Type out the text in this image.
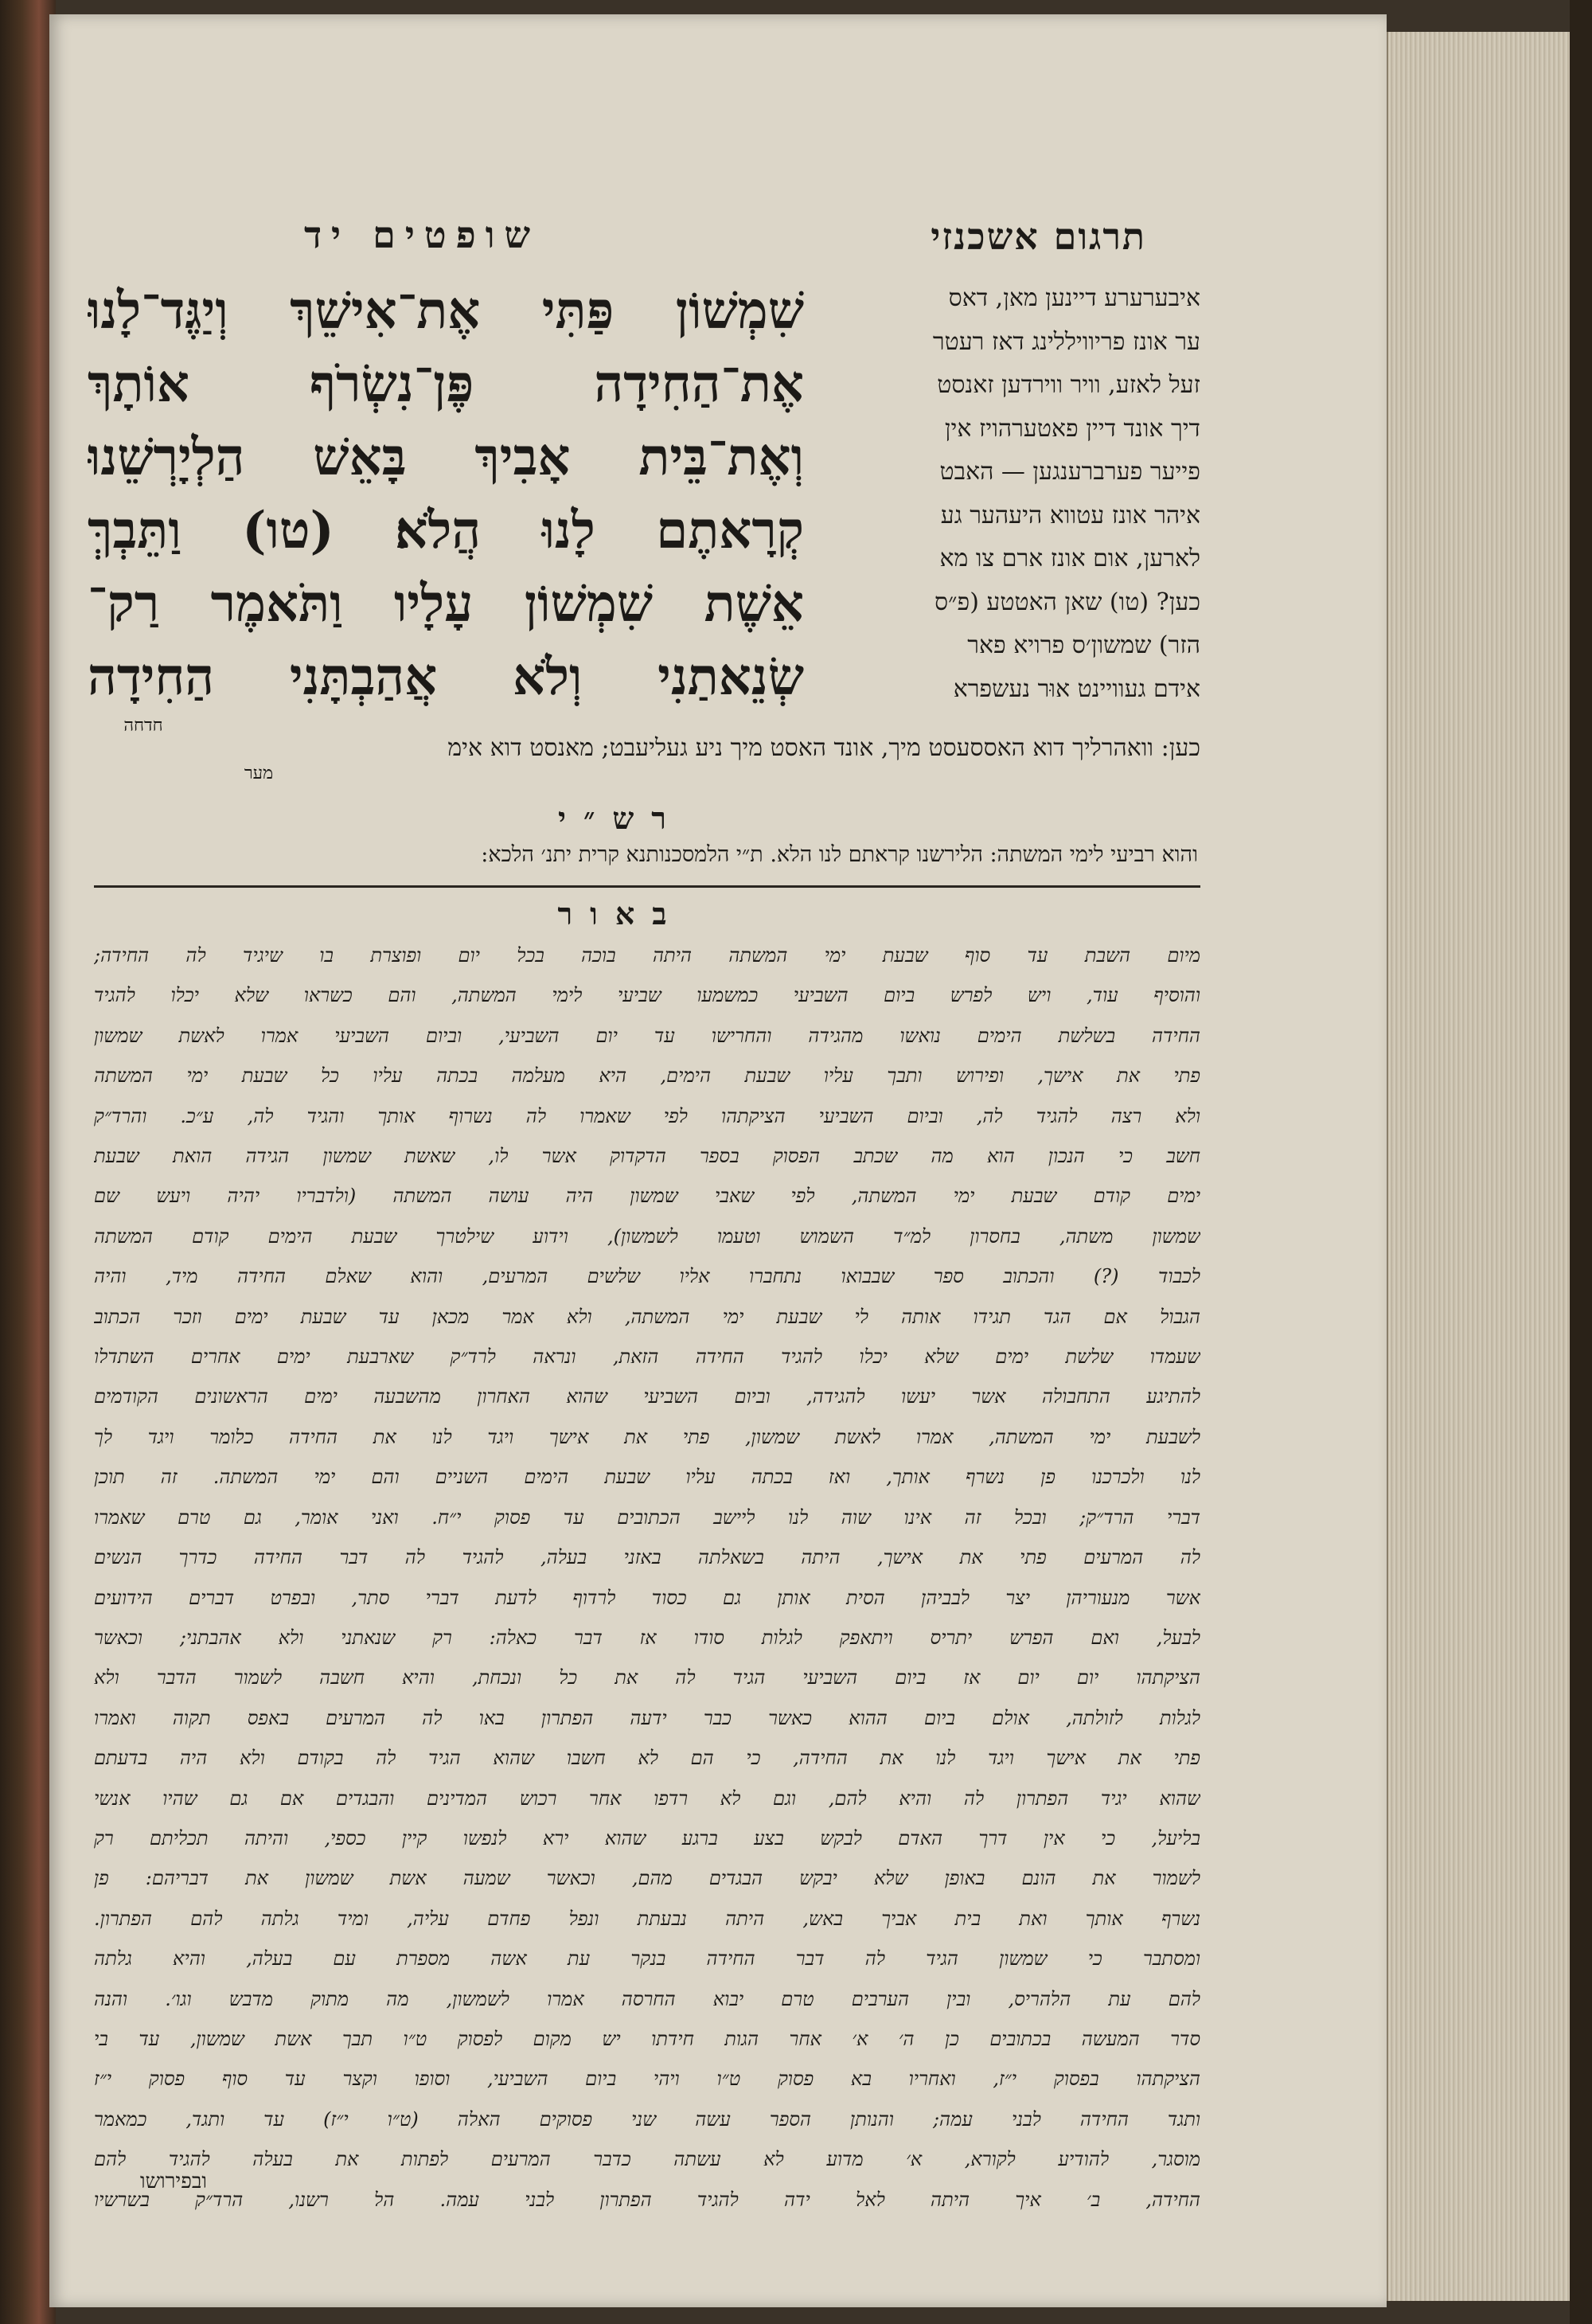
תרגום אשכנזי
שופטים יד
איבערערע דיינען מאן, דאס
ער אונז פריוויללינג דאז רעטר
זעל לאזע, וויר ווירדען זאנסט
דיך אונד דיין פאטערהויז אין
פייער פערברענגען — האבט
איהר אונז עטווא היעהער גע
לארען, אום אונז ארם צו מא
כען? (טו) שאן האטטע (פ״ס
הזר) שמשון׳ס פרויא פאר
אידם געוויינט אוּר נעשפרא
שִׁמְשׁוֹן פַּתִּי אֶת־אִישֵׁךְ וְיַגֶּד־לָנוּ
אֶת־הַחִידָה פֶּן־נִשְׂרֹף אוֹתָךְ
וְאֶת־בֵּית אָבִיךְ בָּאֵשׁ הַלְיָרְשֵׁנוּ
קְרָאתֶם לָנוּ הֲלֹא׃ (טו) וַתֵּבְךְּ
אֵשֶׁת שִׁמְשׁוֹן עָלָיו וַתֹּאמֶר רַק־
שְׂנֵאתַנִי וְלֹא אֲהַבְתָּנִי הַחִידָה
חדחה
כען: וואהרליך דוא האססעסט מיך, אונד האסט מיך ניע געליעבט; מאנסט דוא אימ
מער
רש״י
והוא רביעי לימי המשתה: הלירשנו קראתם לנו הלא. ת״י הלמסכנותנא קרית יתנ׳ הלכא:
באור
מיום השבת עד סוף שבעת ימי המשתה היתה בוכה בכל יום ופוצרת בו שיגיד לה החידה;
והוסיף עוד, ויש לפרש ביום השביעי כמשמעו שביעי לימי המשתה, והם כשראו שלא יכלו להגיד
החידה בשלשת הימים נואשו מהגידה והחרישו עד יום השביעי, וביום השביעי אמרו לאשת שמשון
פתי את אישך, ופירוש ותבך עליו שבעת הימים, היא מעלמה בכתה עליו כל שבעת ימי המשתה
ולא רצה להגיד לה, וביום השביעי הציקתהו לפי שאמרו לה נשרוף אותך והגיד לה, ע״כ. והרד״ק
חשב כי הנכון הוא מה שכתב הפסוק בספר הדקדוק אשר לו, שאשת שמשון הגידה הואת שבעת
ימים קודם שבעת ימי המשתה, לפי שאבי שמשון היה עושה המשתה (ולדבריו יהיה ויעש שם
שמשון משתה, בחסרון למ״ד השמוש וטעמו לשמשון), וידוע שילטרך שבעת הימים קודם המשתה
לכבוד (?) והכתוב ספר שבבואו נתחברו אליו שלשים המרעים, והוא שאלם החידה מיד, והיה
הגבול אם הגד תגידו אותה לי שבעת ימי המשתה, ולא אמר מכאן עד שבעת ימים וזכר הכתוב
שעמדו שלשת ימים שלא יכלו להגיד החידה הזאת, ונראה לרד״ק שארבעת ימים אחרים השתדלו
להתיגע התחבולה אשר יעשו להגידה, וביום השביעי שהוא האחרון מהשבעה ימים הראשונים הקודמים
לשבעת ימי המשתה, אמרו לאשת שמשון, פתי את אישך ויגד לנו את החידה כלומר ויגד לך
לנו ולכרכנו פן נשרף אותך, ואז בכתה עליו שבעת הימים השניים והם ימי המשתה. זה תוכן
דברי הרד״ק; ובכל זה אינו שוה לנו ליישב הכתובים עד פסוק י״ח. ואני אומר, גם טרם שאמרו
לה המרעים פתי את אישך, היתה בשאלתה באזני בעלה, להגיד לה דבר החידה כדרך הנשים
אשר מנעוריהן יצר לבביהן הסית אותן גם כסוד לרדוף לדעת דברי סתר, ובפרט דברים הידועים
לבעל, ואם הפרש יתריס ויתאפק לגלות סודו אז דבר כאלה: רק שנאתני ולא אהבתני; וכאשר
הציקתהו יום יום אז ביום השביעי הגיד לה את כל ונכחת, והיא חשבה לשמור הדבר ולא
לגלות לזולתה, אולם ביום ההוא כאשר כבר ידעה הפתרון באו לה המרעים באפס תקוה ואמרו
פתי את אישך ויגד לנו את החידה, כי הם לא חשבו שהוא הגיד לה בקודם ולא היה בדעתם
שהוא יגיד הפתרון לה והיא להם, וגם לא רדפו אחר רכוש המדינים והבגדים אם גם שהיו אנשי
בליעל, כי אין דרך האדם לבקש בצע ברגע שהוא ירא לנפשו קיין כספי, והיתה תכליתם רק
לשמור את הונם באופן שלא יבקש הבגדים מהם, וכאשר שמעה אשת שמשון את דבריהם: פן
נשרף אותך ואת בית אביך באש, היתה נבעתת ונפל פחדם עליה, ומיד גלתה להם הפתרון.
ומסתבר כי שמשון הגיד לה דבר החידה בנקר עת אשה מספרת עם בעלה, והיא גלתה
להם עת הלהריס, ובין הערבים טרם יבוא החרסה אמרו לשמשון, מה מתוק מדבש וגו׳. והנה
סדר המעשה בכתובים כן ה׳ א׳ אחר הגות חידתו יש מקום לפסוק ט״ו תבך אשת שמשון, עד בי
הציקתהו בפסוק י״ז, ואחריו בא פסוק ט״ו ויהי ביום השביעי, וסופו וקצר עד סוף פסוק י״ז
ותגד החידה לבני עמה; והנותן הספר עשה שני פסוקים האלה (ט״ו י״ז) עד ותגד, כמאמר
מוסגר, להודיע לקורא, א׳ מדוע לא עשתה כדבר המרעים לפתות את בעלה להגיד להם
החידה, ב׳ איך היתה לאל ידה להגיד הפתרון לבני עמה. הל רשנו, הרד״ק בשרשיו
ובפירושו
